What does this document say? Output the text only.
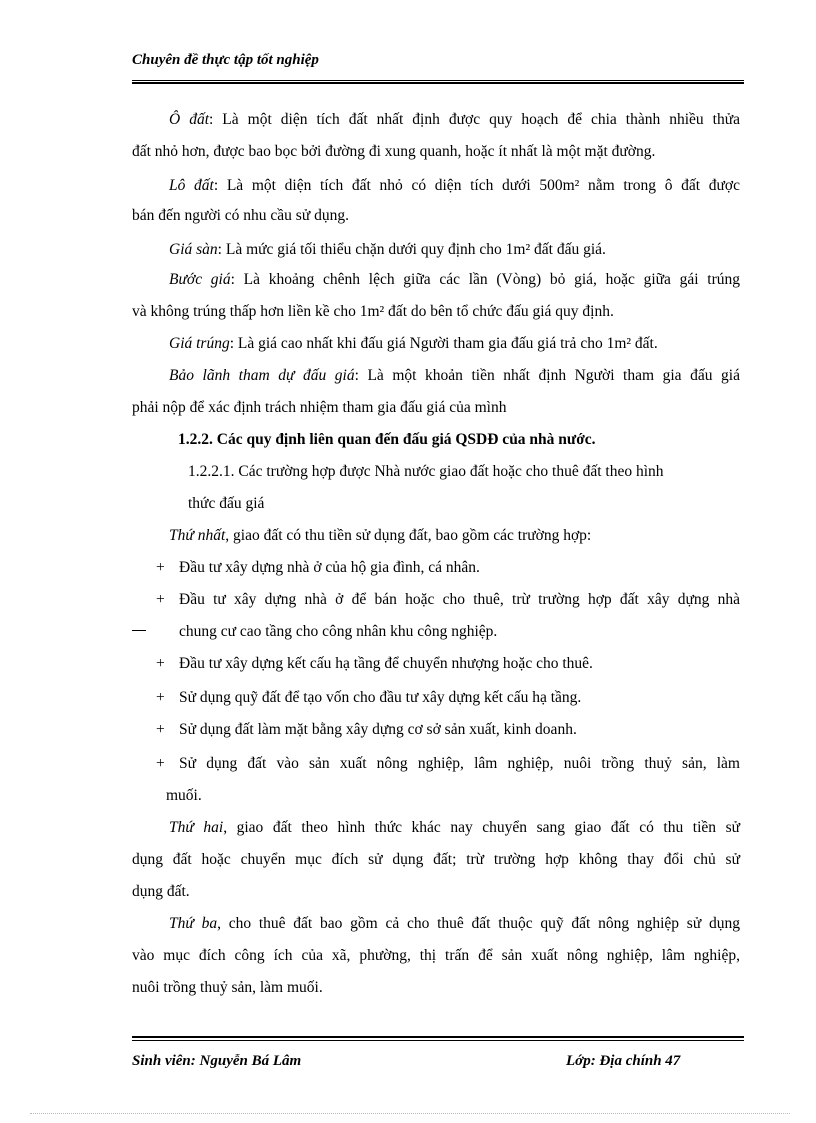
Chuyên đề thực tập tốt nghiệp
Ô đất: Là một diện tích đất nhất định được quy hoạch để chia thành nhiều thửa
đất nhỏ hơn, được bao bọc bởi đường đi xung quanh, hoặc ít nhất là một mặt đường.
Lô đất: Là một diện tích đất nhỏ có diện tích dưới 500m² nằm trong ô đất được
bán đến người có nhu cầu sử dụng.
Giá sàn: Là mức giá tối thiểu chặn dưới quy định cho 1m² đất đấu giá.
Bước giá: Là khoảng chênh lệch giữa các lần (Vòng) bỏ giá, hoặc giữa gái trúng
và không trúng thấp hơn liền kề cho 1m² đất do bên tổ chức đấu giá quy định.
Giá trúng: Là giá cao nhất khi đấu giá Người tham gia đấu giá trả cho 1m² đất.
Bảo lãnh tham dự đấu giá: Là một khoản tiền nhất định Người tham gia đấu giá
phải nộp để xác định trách nhiệm tham gia đấu giá của mình
1.2.2. Các quy định liên quan đến đấu giá QSDĐ của nhà nước.
1.2.2.1. Các trường hợp được Nhà nước giao đất hoặc cho thuê đất theo hình
thức đấu giá
Thứ nhất, giao đất có thu tiền sử dụng đất, bao gồm các trường hợp:
+ Đầu tư xây dựng nhà ở của hộ gia đình, cá nhân.
+ Đầu tư xây dựng nhà ở để bán hoặc cho thuê, trừ trường hợp đất xây dựng nhà
chung cư cao tầng cho công nhân khu công nghiệp.
+ Đầu tư xây dựng kết cấu hạ tầng để chuyển nhượng hoặc cho thuê.
+ Sử dụng quỹ đất để tạo vốn cho đầu tư xây dựng kết cấu hạ tầng.
+ Sử dụng đất làm mặt bằng xây dựng cơ sở sản xuất, kinh doanh.
+ Sử dụng đất vào sản xuất nông nghiệp, lâm nghiệp, nuôi trồng thuỷ sản, làm
muối.
Thứ hai, giao đất theo hình thức khác nay chuyển sang giao đất có thu tiền sử
dụng đất hoặc chuyển mục đích sử dụng đất; trừ trường hợp không thay đổi chủ sử
dụng đất.
Thứ ba, cho thuê đất bao gồm cả cho thuê đất thuộc quỹ đất nông nghiệp sử dụng
vào mục đích công ích của xã, phường, thị trấn để sản xuất nông nghiệp, lâm nghiệp,
nuôi trồng thuỷ sản, làm muối.
Sinh viên: Nguyễn Bá Lâm	Lớp: Địa chính 47
